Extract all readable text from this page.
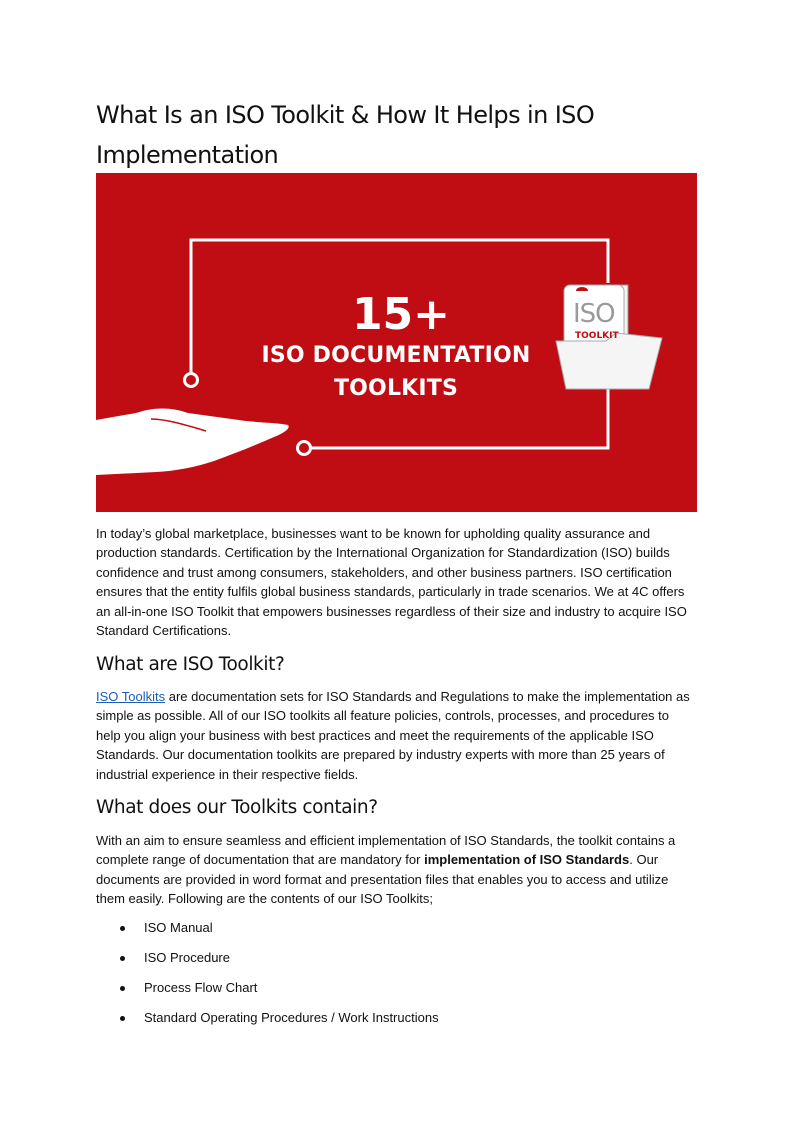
What Is an ISO Toolkit & How It Helps in ISO Implementation
15+
ISO DOCUMENTATION
TOOLKITS
ISO
TOOLKIT

In today’s global marketplace, businesses want to be known for upholding quality assurance and production standards. Certification by the International Organization for Standardization (ISO) builds confidence and trust among consumers, stakeholders, and other business partners. ISO certification ensures that the entity fulfils global business standards, particularly in trade scenarios. We at 4C offers an all-in-one ISO Toolkit that empowers businesses regardless of their size and industry to acquire ISO Standard Certifications.

What are ISO Toolkit?

ISO Toolkits are documentation sets for ISO Standards and Regulations to make the implementation as simple as possible. All of our ISO toolkits all feature policies, controls, processes, and procedures to help you align your business with best practices and meet the requirements of the applicable ISO Standards. Our documentation toolkits are prepared by industry experts with more than 25 years of industrial experience in their respective fields.

What does our Toolkits contain?

With an aim to ensure seamless and efficient implementation of ISO Standards, the toolkit contains a complete range of documentation that are mandatory for implementation of ISO Standards. Our documents are provided in word format and presentation files that enables you to access and utilize them easily. Following are the contents of our ISO Toolkits;

ISO Manual
ISO Procedure
Process Flow Chart
Standard Operating Procedures / Work Instructions
